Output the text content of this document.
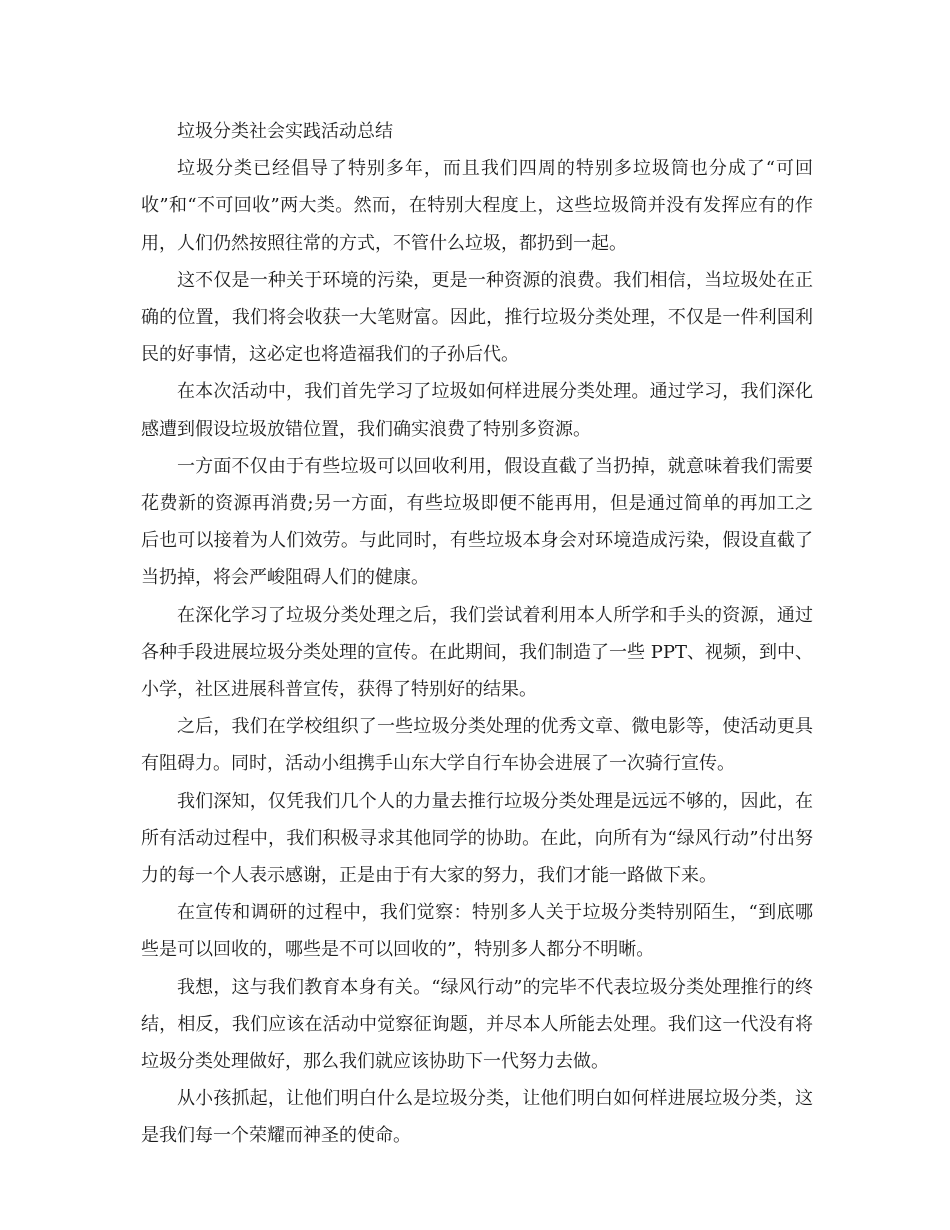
垃圾分类社会实践活动总结

垃圾分类已经倡导了特别多年，而且我们四周的特别多垃圾筒也分成了“可回收”和“不可回收”两大类。然而，在特别大程度上，这些垃圾筒并没有发挥应有的作用，人们仍然按照往常的方式，不管什么垃圾，都扔到一起。

这不仅是一种关于环境的污染，更是一种资源的浪费。我们相信，当垃圾处在正确的位置，我们将会收获一大笔财富。因此，推行垃圾分类处理，不仅是一件利国利民的好事情，这必定也将造福我们的子孙后代。

在本次活动中，我们首先学习了垃圾如何样进展分类处理。通过学习，我们深化感遭到假设垃圾放错位置，我们确实浪费了特别多资源。

一方面不仅由于有些垃圾可以回收利用，假设直截了当扔掉，就意味着我们需要花费新的资源再消费;另一方面，有些垃圾即便不能再用，但是通过简单的再加工之后也可以接着为人们效劳。与此同时，有些垃圾本身会对环境造成污染，假设直截了当扔掉，将会严峻阻碍人们的健康。

在深化学习了垃圾分类处理之后，我们尝试着利用本人所学和手头的资源，通过各种手段进展垃圾分类处理的宣传。在此期间，我们制造了一些 PPT、视频，到中、小学，社区进展科普宣传，获得了特别好的结果。

之后，我们在学校组织了一些垃圾分类处理的优秀文章、微电影等，使活动更具有阻碍力。同时，活动小组携手山东大学自行车协会进展了一次骑行宣传。

我们深知，仅凭我们几个人的力量去推行垃圾分类处理是远远不够的，因此，在所有活动过程中，我们积极寻求其他同学的协助。在此，向所有为“绿风行动”付出努力的每一个人表示感谢，正是由于有大家的努力，我们才能一路做下来。

在宣传和调研的过程中，我们觉察：特别多人关于垃圾分类特别陌生，“到底哪些是可以回收的，哪些是不可以回收的”，特别多人都分不明晰。

我想，这与我们教育本身有关。“绿风行动”的完毕不代表垃圾分类处理推行的终结，相反，我们应该在活动中觉察征询题，并尽本人所能去处理。我们这一代没有将垃圾分类处理做好，那么我们就应该协助下一代努力去做。

从小孩抓起，让他们明白什么是垃圾分类，让他们明白如何样进展垃圾分类，这是我们每一个荣耀而神圣的使命。
